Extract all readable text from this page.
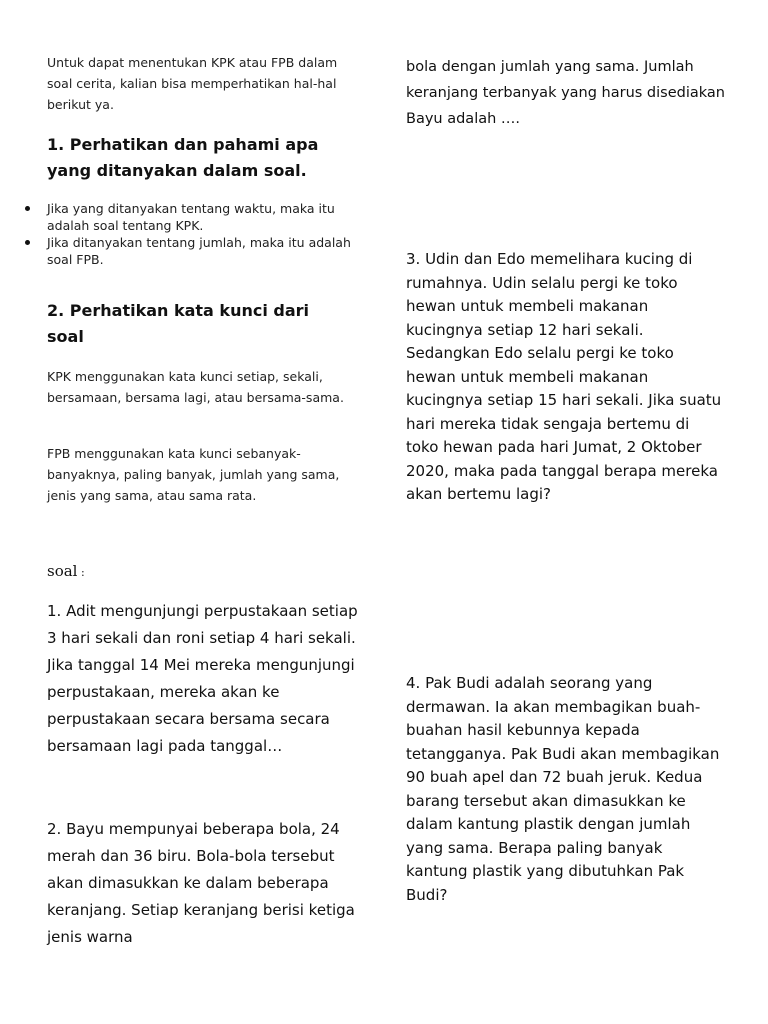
Untuk dapat menentukan KPK atau FPB dalam soal cerita, kalian bisa memperhatikan hal-hal berikut ya.
1. Perhatikan dan pahami apa yang ditanyakan dalam soal.
Jika yang ditanyakan tentang waktu, maka itu adalah soal tentang KPK.
Jika ditanyakan tentang jumlah, maka itu adalah soal FPB.
2. Perhatikan kata kunci dari soal
KPK menggunakan kata kunci setiap, sekali, bersamaan, bersama lagi, atau bersama-sama.
FPB menggunakan kata kunci sebanyak-banyaknya, paling banyak, jumlah yang sama, jenis yang sama, atau sama rata.
soal :
1. Adit mengunjungi perpustakaan setiap 3 hari sekali dan roni setiap 4 hari sekali. Jika tanggal 14 Mei mereka mengunjungi perpustakaan, mereka akan ke perpustakaan secara bersama secara bersamaan lagi pada tanggal…
2. Bayu mempunyai beberapa bola, 24 merah dan 36 biru. Bola-bola tersebut akan dimasukkan ke dalam beberapa keranjang. Setiap keranjang berisi ketiga jenis warna
bola dengan jumlah yang sama. Jumlah keranjang terbanyak yang harus disediakan Bayu adalah ….
3. Udin dan Edo memelihara kucing di rumahnya. Udin selalu pergi ke toko hewan untuk membeli makanan kucingnya setiap 12 hari sekali. Sedangkan Edo selalu pergi ke toko hewan untuk membeli makanan kucingnya setiap 15 hari sekali. Jika suatu hari mereka tidak sengaja bertemu di toko hewan pada hari Jumat, 2 Oktober 2020, maka pada tanggal berapa mereka akan bertemu lagi?
4. Pak Budi adalah seorang yang dermawan. Ia akan membagikan buah-buahan hasil kebunnya kepada tetangganya. Pak Budi akan membagikan 90 buah apel dan 72 buah jeruk. Kedua barang tersebut akan dimasukkan ke dalam kantung plastik dengan jumlah yang sama. Berapa paling banyak kantung plastik yang dibutuhkan Pak Budi?
